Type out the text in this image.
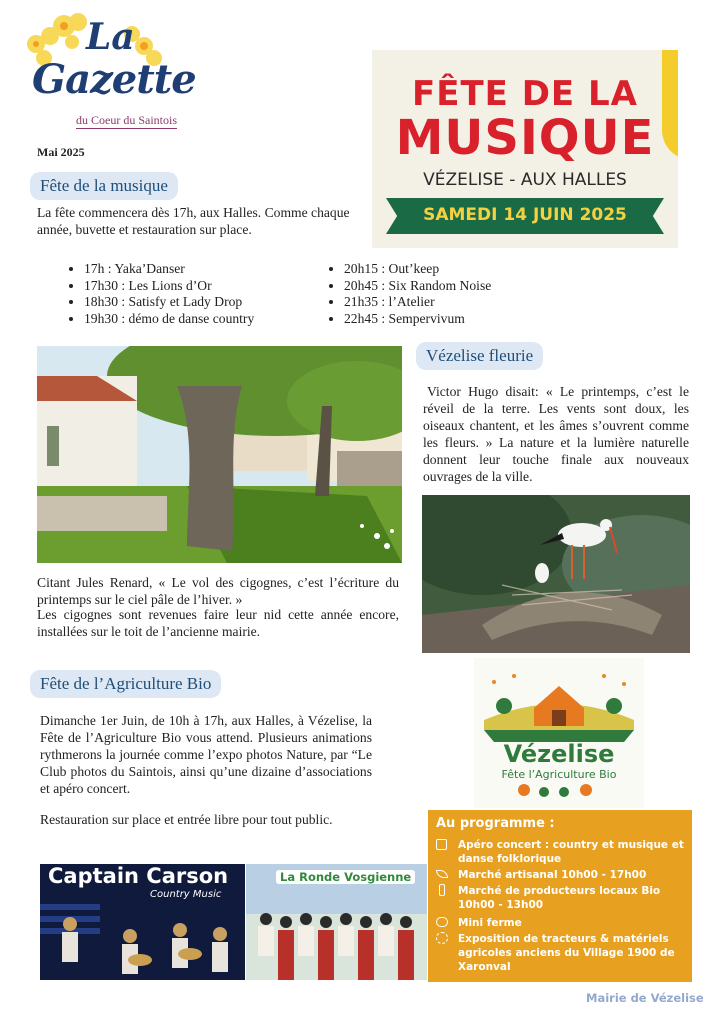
La
Gazette
du Coeur du Saintois
Mai 2025
FÊTE DE LA
MUSIQUE
VÉZELISE - AUX HALLES
SAMEDI 14 JUIN 2025
Fête de la musique
La fête commencera dès 17h, aux Halles. Comme chaque année, buvette et restauration sur place.
• 17h : Yaka’Danser
• 17h30 : Les Lions d’Or
• 18h30 : Satisfy et Lady Drop
• 19h30 : démo de danse country
• 20h15 : Out’keep
• 20h45 : Six Random Noise
• 21h35 : l’Atelier
• 22h45 : Sempervivum
Vézelise fleurie
Victor Hugo disait: « Le printemps, c’est le réveil de la terre. Les vents sont doux, les oiseaux chantent, et les âmes s’ouvrent comme les fleurs. » La nature et la lumière naturelle donnent leur touche finale aux nouveaux ouvrages de la ville.
Citant Jules Renard, « Le vol des cigognes, c’est l’écriture du printemps sur le ciel pâle de l’hiver. »
Les cigognes sont revenues faire leur nid cette année encore, installées sur le toit de l’ancienne mairie.
Fête de l’Agriculture Bio
Dimanche 1er Juin, de 10h à 17h, aux Halles, à Vézelise, la Fête de l’Agriculture Bio vous attend. Plusieurs animations rythmerons la journée comme l’expo photos Nature, par “Le Club photos du Saintois, ainsi qu’une dizaine d’associations et apéro concert.
Restauration sur place et entrée libre pour tout public.
Vézelise
Fête l’Agriculture Bio
Au programme :
Apéro concert : country et musique et danse folklorique
Marché artisanal 10h00 - 17h00
Marché de producteurs locaux Bio 10h00 - 13h00
Mini ferme
Exposition de tracteurs & matériels agricoles anciens du Village 1900 de Xaronval
Captain Carson
Country Music
La Ronde Vosgienne
Mairie de Vézelise
